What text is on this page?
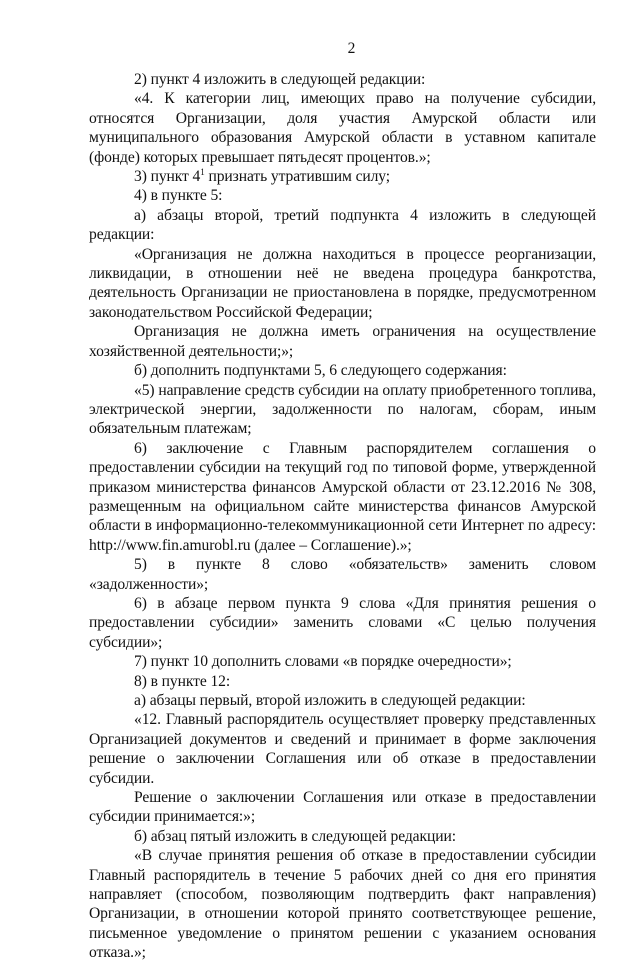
2

2) пункт 4 изложить в следующей редакции:

«4. К категории лиц, имеющих право на получение субсидии, относятся Организации, доля участия Амурской области или муниципального образования Амурской области в уставном капитале (фонде) которых превышает пятьдесят процентов.»;

3) пункт $4^1$ признать утратившим силу;

4) в пункте 5:

а) абзацы второй, третий подпункта 4 изложить в следующей редакции:

«Организация не должна находиться в процессе реорганизации, ликвидации, в отношении неё не введена процедура банкротства, деятельность Организации не приостановлена в порядке, предусмотренном законодательством Российской Федерации;

Организация не должна иметь ограничения на осуществление хозяйственной деятельности;»;

б) дополнить подпунктами 5, 6 следующего содержания:

«5) направление средств субсидии на оплату приобретенного топлива, электрической энергии, задолженности по налогам, сборам, иным обязательным платежам;

6) заключение с Главным распорядителем соглашения о предоставлении субсидии на текущий год по типовой форме, утвержденной приказом министерства финансов Амурской области от 23.12.2016 № 308, размещенным на официальном сайте министерства финансов Амурской области в информационно-телекоммуникационной сети Интернет по адресу: http://www.fin.amurobl.ru (далее – Соглашение).»;

5) в пункте 8 слово «обязательств» заменить словом «задолженности»;

6) в абзаце первом пункта 9 слова «Для принятия решения о предоставлении субсидии» заменить словами «С целью получения субсидии»;

7) пункт 10 дополнить словами «в порядке очередности»;

8) в пункте 12:

а) абзацы первый, второй изложить в следующей редакции:

«12. Главный распорядитель осуществляет проверку представленных Организацией документов и сведений и принимает в форме заключения решение о заключении Соглашения или об отказе в предоставлении субсидии.

Решение о заключении Соглашения или отказе в предоставлении субсидии принимается:»;

б) абзац пятый изложить в следующей редакции:

«В случае принятия решения об отказе в предоставлении субсидии Главный распорядитель в течение 5 рабочих дней со дня его принятия направляет (способом, позволяющим подтвердить факт направления) Организации, в отношении которой принято соответствующее решение, письменное уведомление о принятом решении с указанием основания отказа.»;
